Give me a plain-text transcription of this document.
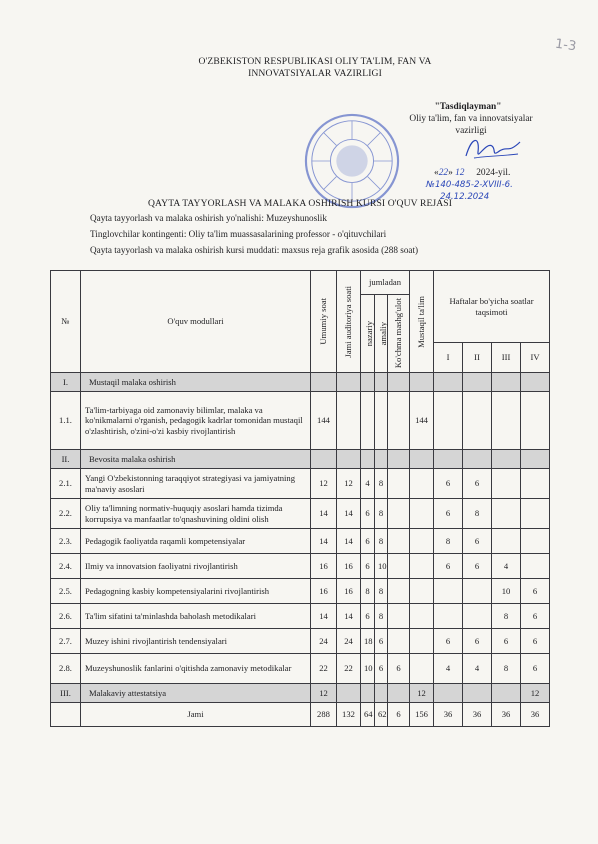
1-3
O'ZBEKISTON RESPUBLIKASI OLIY TA'LIM, FAN VA
INNOVATSIYALAR VAZIRLIGI
"Tasdiqlayman"
Oliy ta'lim, fan va innovatsiyalar
vazirligi
«22» 12 2024-yil.
№140-485-2-XVIII-6.
24.12.2024
QAYTA TAYYORLASH VA MALAKA OSHIRISH KURSI O'QUV REJASI
Qayta tayyorlash va malaka oshirish yo'nalishi: Muzeyshunoslik
Tinglovchilar kontingenti: Oliy ta'lim muassasalarining professor - o'qituvchilari
Qayta tayyorlash va malaka oshirish kursi muddati: maxsus reja grafik asosida (288 soat)
№	O'quv modullari	Umumiy soat	Jami auditoriya soati	jumladan			Mustaqil ta'lim	Haftalar bo'yicha soatlar taqsimoti			

				nazariy	amaliy	Ko'chma mashg'ulot					

								I	II	III	IV
I.	Mustaqil malaka oshirish										
1.1.	Ta'lim-tarbiyaga oid zamonaviy bilimlar, malaka va ko'nikmalarni o'rganish, pedagogik kadrlar tomonidan mustaqil o'zlashtirish, o'zini-o'zi kasbiy rivojlantirish	144					144				
II.	Bevosita malaka oshirish										
2.1.	Yangi O'zbekistonning taraqqiyot strategiyasi va jamiyatning ma'naviy asoslari	12	12	4	8			6	6		
2.2.	Oliy ta'limning normativ-huquqiy asoslari hamda tizimda korrupsiya va manfaatlar to'qnashuvining oldini olish	14	14	6	8			6	8		
2.3.	Pedagogik faoliyatda raqamli kompetensiyalar	14	14	6	8			8	6		
2.4.	Ilmiy va innovatsion faoliyatni rivojlantirish	16	16	6	10			6	6	4	
2.5.	Pedagogning kasbiy kompetensiyalarini rivojlantirish	16	16	8	8					10	6
2.6.	Ta'lim sifatini ta'minlashda baholash metodikalari	14	14	6	8					8	6
2.7.	Muzey ishini rivojlantirish tendensiyalari	24	24	18	6			6	6	6	6
2.8.	Muzeyshunoslik fanlarini o'qitishda zamonaviy metodikalar	22	22	10	6	6		4	4	8	6
III.	Malakaviy attestatsiya	12					12				12
	Jami	288	132	64	62	6	156	36	36	36	36
